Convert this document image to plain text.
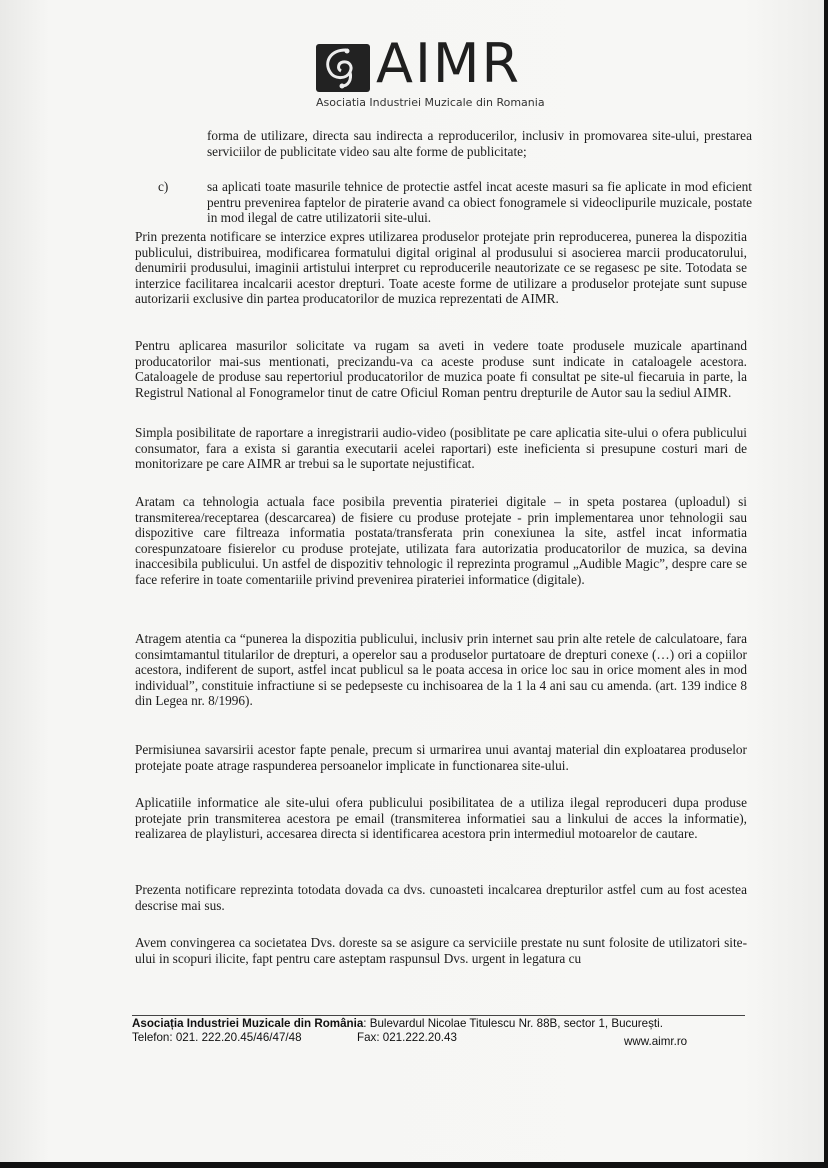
AIMR
Asociatia Industriei Muzicale din Romania
forma de utilizare, directa sau indirecta a reproducerilor, inclusiv in promovarea site-ului, prestarea serviciilor de publicitate video sau alte forme de publicitate;
c)	sa aplicati toate masurile tehnice de protectie astfel incat aceste masuri sa fie aplicate in mod eficient pentru prevenirea faptelor de piraterie avand ca obiect fonogramele si videoclipurile muzicale, postate in mod ilegal de catre utilizatorii site-ului.
Prin prezenta notificare se interzice expres utilizarea produselor protejate prin reproducerea, punerea la dispozitia publicului, distribuirea, modificarea formatului digital original al produsului si asocierea marcii producatorului, denumirii produsului, imaginii artistului interpret cu reproducerile neautorizate ce se regasesc pe site. Totodata se interzice facilitarea incalcarii acestor drepturi. Toate aceste forme de utilizare a produselor protejate sunt supuse autorizarii exclusive din partea producatorilor de muzica reprezentati de AIMR.
Pentru aplicarea masurilor solicitate va rugam sa aveti in vedere toate produsele muzicale apartinand producatorilor mai-sus mentionati, precizandu-va ca aceste produse sunt indicate in cataloagele acestora. Cataloagele de produse sau repertoriul producatorilor de muzica poate fi consultat pe site-ul fiecaruia in parte, la Registrul National al Fonogramelor tinut de catre Oficiul Roman pentru drepturile de Autor sau la sediul AIMR.
Simpla posibilitate de raportare a inregistrarii audio-video (posiblitate pe care aplicatia site-ului o ofera publicului consumator, fara a exista si garantia executarii acelei raportari) este ineficienta si presupune costuri mari de monitorizare pe care AIMR ar trebui sa le suportate nejustificat.
Aratam ca tehnologia actuala face posibila preventia pirateriei digitale – in speta postarea (uploadul) si transmiterea/receptarea (descarcarea) de fisiere cu produse protejate - prin implementarea unor tehnologii sau dispozitive care filtreaza informatia postata/transferata prin conexiunea la site, astfel incat informatia corespunzatoare fisierelor cu produse protejate, utilizata fara autorizatia producatorilor de muzica, sa devina inaccesibila publicului. Un astfel de dispozitiv tehnologic il reprezinta programul „Audible Magic”, despre care se face referire in toate comentariile privind prevenirea pirateriei informatice (digitale).
Atragem atentia ca “punerea la dispozitia publicului, inclusiv prin internet sau prin alte retele de calculatoare, fara consimtamantul titularilor de drepturi, a operelor sau a produselor purtatoare de drepturi conexe (…) ori a copiilor acestora, indiferent de suport, astfel incat publicul sa le poata accesa in orice loc sau in orice moment ales in mod individual”, constituie infractiune si se pedepseste cu inchisoarea de la 1 la 4 ani sau cu amenda. (art. 139 indice 8 din Legea nr. 8/1996).
Permisiunea savarsirii acestor fapte penale, precum si urmarirea unui avantaj material din exploatarea produselor protejate poate atrage raspunderea persoanelor implicate in functionarea site-ului.
Aplicatiile informatice ale site-ului ofera publicului posibilitatea de a utiliza ilegal reproduceri dupa produse protejate prin transmiterea acestora pe email (transmiterea informatiei sau a linkului de acces la informatie), realizarea de playlisturi, accesarea directa si identificarea acestora prin intermediul motoarelor de cautare.
Prezenta notificare reprezinta totodata dovada ca dvs. cunoasteti incalcarea drepturilor astfel cum au fost acestea descrise mai sus.
Avem convingerea ca societatea Dvs. doreste sa se asigure ca serviciile prestate nu sunt folosite de utilizatori site-ului in scopuri ilicite, fapt pentru care asteptam raspunsul Dvs. urgent in legatura cu
Asociația Industriei Muzicale din România: Bulevardul Nicolae Titulescu Nr. 88B, sector 1, București.
Telefon: 021. 222.20.45/46/47/48	Fax: 021.222.20.43	www.aimr.ro
